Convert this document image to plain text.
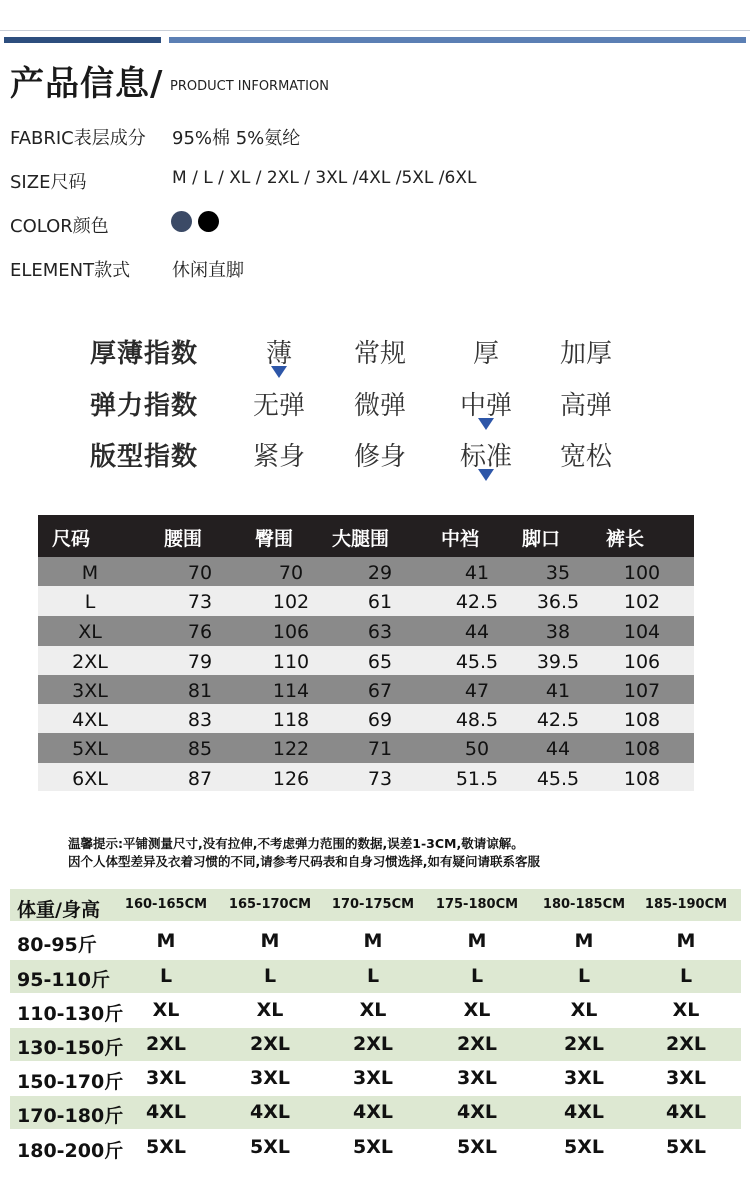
产品信息/ PRODUCT INFORMATION
FABRIC表层成分 95%棉 5%氨纶
SIZE尺码	M / L / XL / 2XL / 3XL /4XL /5XL /6XL
COLOR颜色
ELEMENT款式 休闲直脚
厚薄指数	薄	常规	厚	加厚
弹力指数	无弹	微弹	中弹	高弹
版型指数	紧身	修身	标准	宽松
尺码	腰围	臀围 大腿围	中裆 脚口 裤长
M	70	70	29	41	35	100
L	73	102	61	42.5	36.5	102
XL	76	106	63	44	38	104
2XL	79	110	65	45.5	39.5	106
3XL	81	114	67	47	41	107
4XL	83	118	69	48.5	42.5	108
5XL	85	122	71	50	44	108
6XL	87	126	73	51.5	45.5	108
温馨提示:平铺测量尺寸,没有拉伸,不考虑弹力范围的数据,误差1-3CM,敬请谅解。
因个人体型差异及衣着习惯的不同,请参考尺码表和自身习惯选择,如有疑问请联系客服
体重/身高	160-165CM	165-170CM	170-175CM	175-180CM	180-185CM	185-190CM
80-95斤	M	M	M	M	M	M
95-110斤	L	L	L	L	L	L
110-130斤	XL	XL	XL	XL	XL	XL
130-150斤	2XL	2XL	2XL	2XL	2XL	2XL
150-170斤	3XL	3XL	3XL	3XL	3XL	3XL
170-180斤	4XL	4XL	4XL	4XL	4XL	4XL
180-200斤	5XL	5XL	5XL	5XL	5XL	5XL
